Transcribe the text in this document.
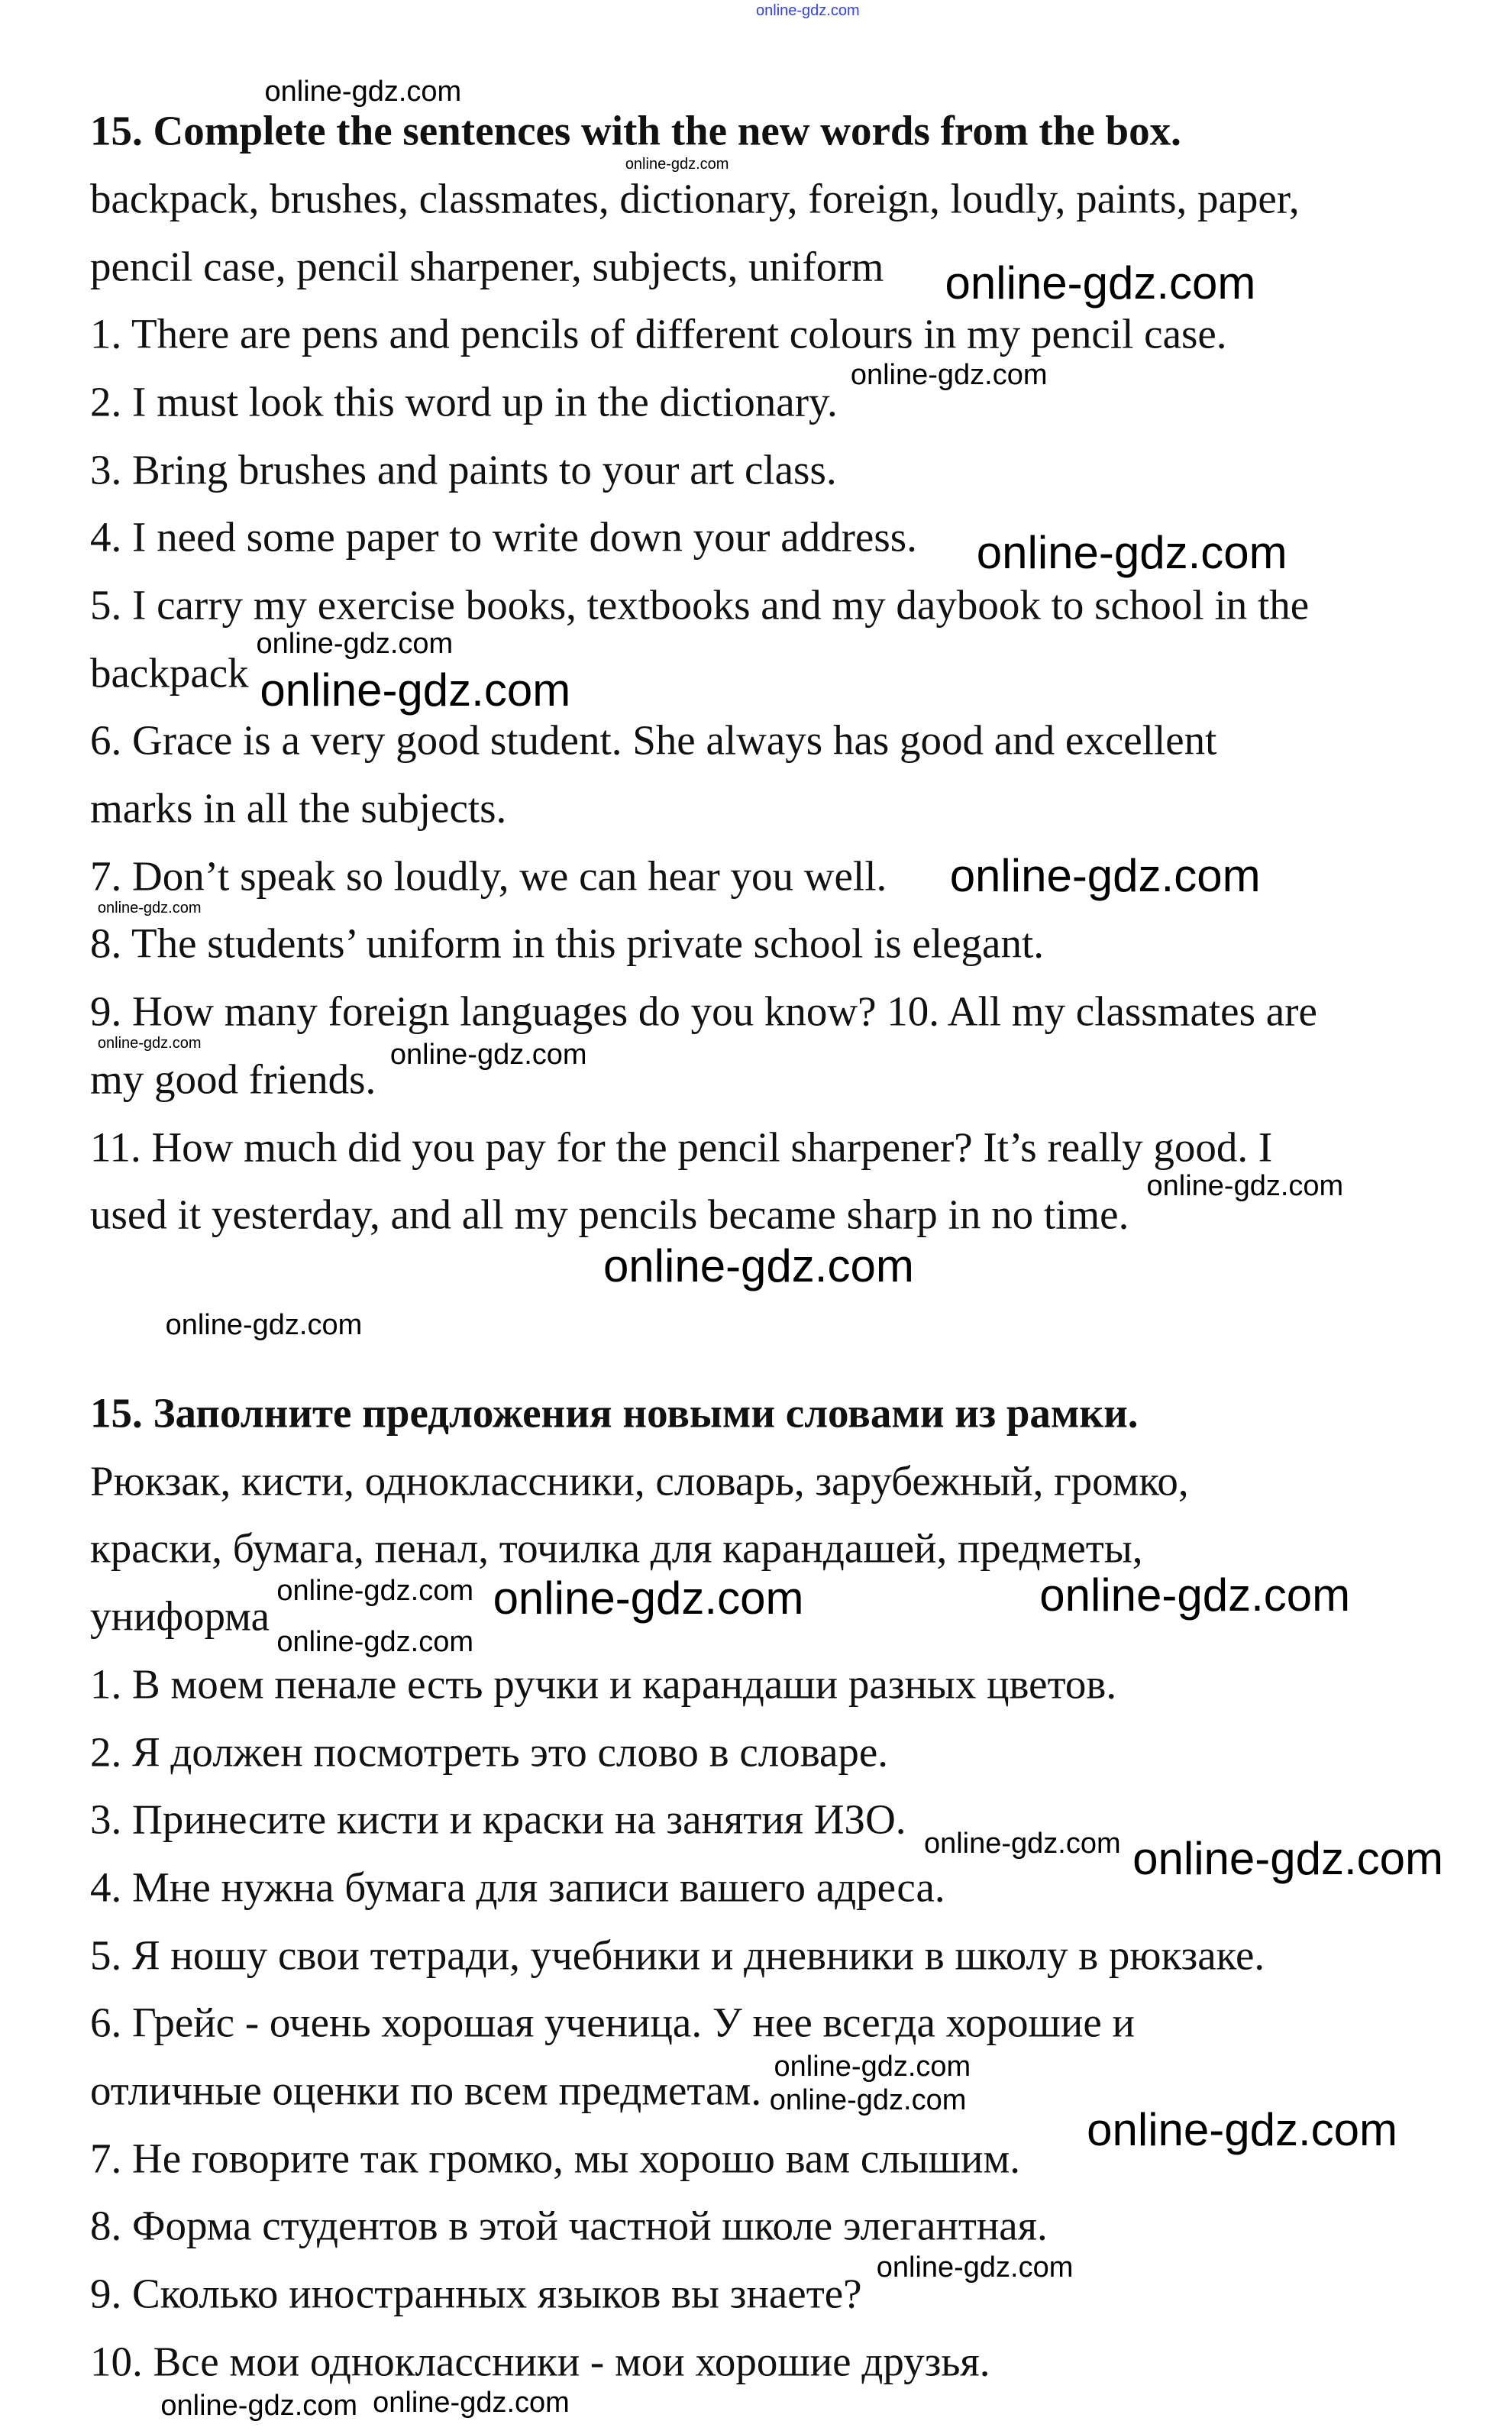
15. Complete the sentences with the new words from the box.
backpack, brushes, classmates, dictionary, foreign, loudly, paints, paper,
pencil case, pencil sharpener, subjects, uniform
1. There are pens and pencils of different colours in my pencil case.
2. I must look this word up in the dictionary.
3. Bring brushes and paints to your art class.
4. I need some paper to write down your address.
5. I carry my exercise books, textbooks and my daybook to school in the
backpack
6. Grace is a very good student. She always has good and excellent
marks in all the subjects.
7. Don’t speak so loudly, we can hear you well.
8. The students’ uniform in this private school is elegant.
9. How many foreign languages do you know? 10. All my classmates are
my good friends.
11. How much did you pay for the pencil sharpener? It’s really good. I
used it yesterday, and all my pencils became sharp in no time.
15. Заполните предложения новыми словами из рамки.
Рюкзак, кисти, одноклассники, словарь, зарубежный, громко,
краски, бумага, пенал, точилка для карандашей, предметы,
униформа
1. В моем пенале есть ручки и карандаши разных цветов.
2. Я должен посмотреть это слово в словаре.
3. Принесите кисти и краски на занятия ИЗО.
4. Мне нужна бумага для записи вашего адреса.
5. Я ношу свои тетради, учебники и дневники в школу в рюкзаке.
6. Грейс - очень хорошая ученица. У нее всегда хорошие и
отличные оценки по всем предметам.
7. Не говорите так громко, мы хорошо вам слышим.
8. Форма студентов в этой частной школе элегантная.
9. Сколько иностранных языков вы знаете?
10. Все мои одноклассники - мои хорошие друзья.
online-gdz.com
online-gdz.com
online-gdz.com
online-gdz.com
online-gdz.com
online-gdz.com
online-gdz.com
online-gdz.com
online-gdz.com
online-gdz.com
online-gdz.com
online-gdz.com
online-gdz.com
online-gdz.com
online-gdz.com
online-gdz.com online-gdz.com	online-gdz.com
online-gdz.com
online-gdz.com online-gdz.com
online-gdz.com
online-gdz.com
online-gdz.com
online-gdz.com
online-gdz.com
online-gdz.com
